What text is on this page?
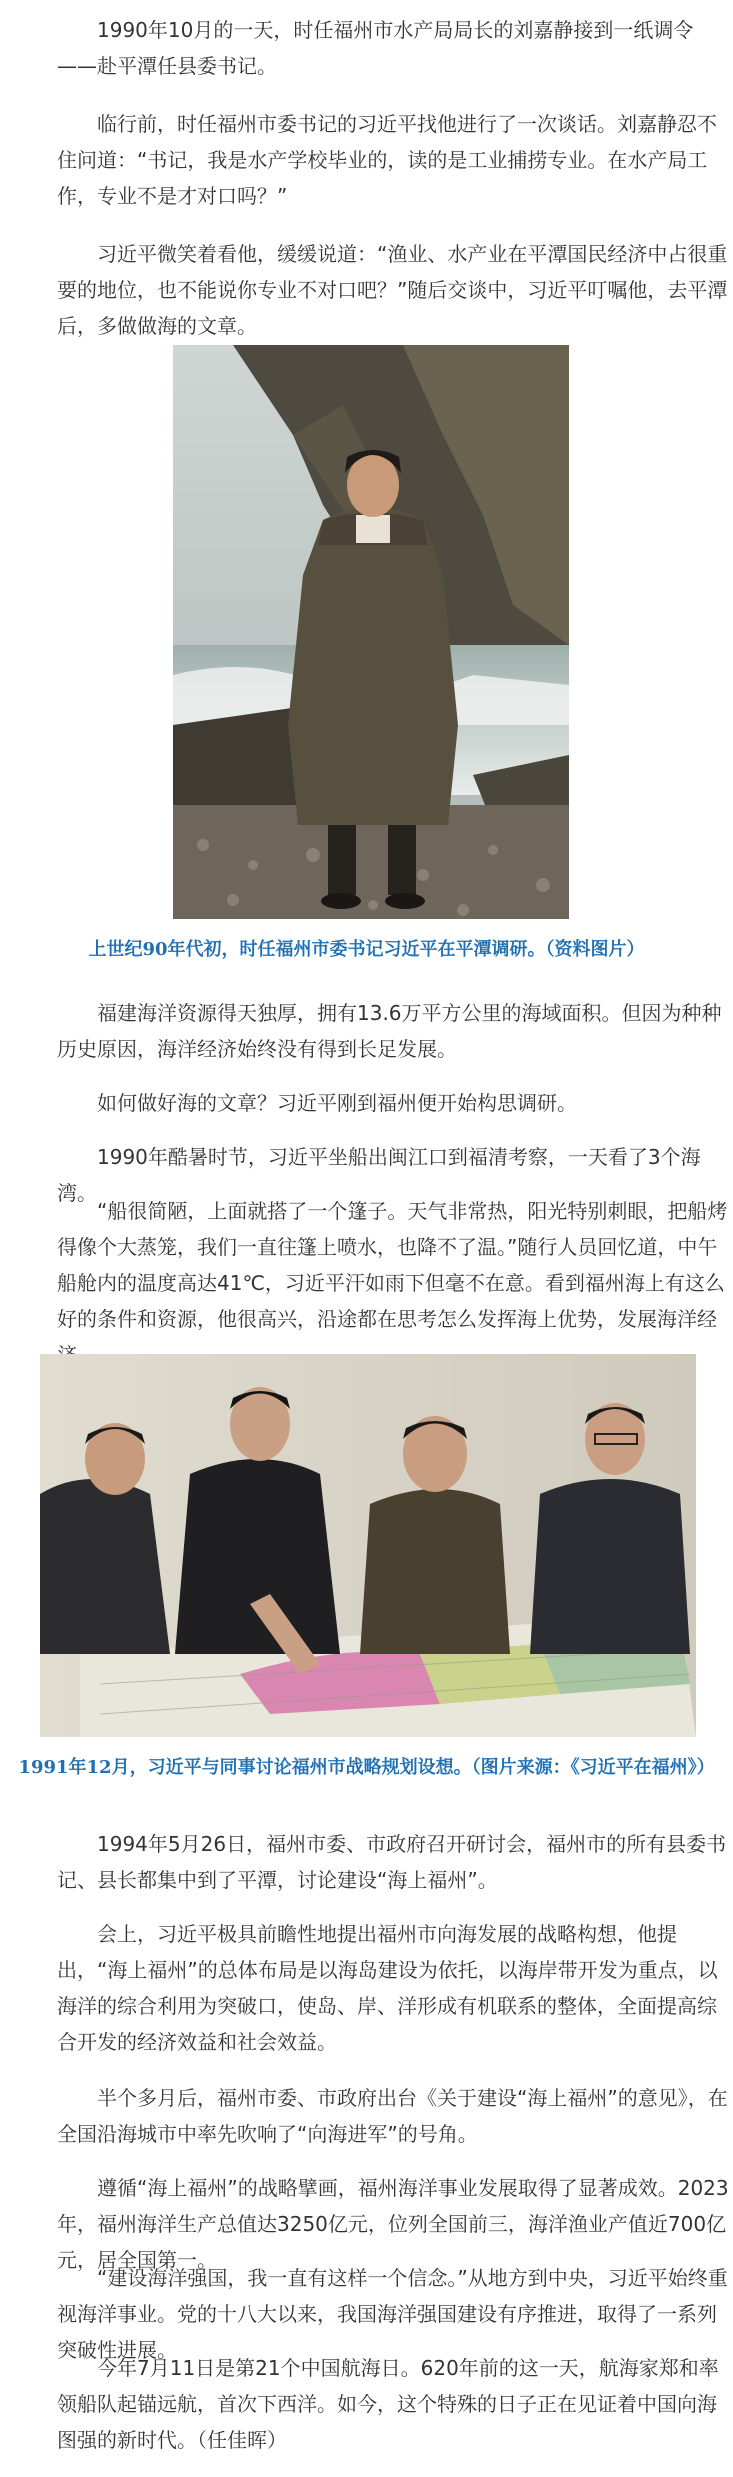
1990年10月的一天，时任福州市水产局局长的刘嘉静接到一纸调令——赴平潭任县委书记。

临行前，时任福州市委书记的习近平找他进行了一次谈话。刘嘉静忍不住问道：“书记，我是水产学校毕业的，读的是工业捕捞专业。在水产局工作，专业不是才对口吗？”

习近平微笑着看他，缓缓说道：“渔业、水产业在平潭国民经济中占很重要的地位，也不能说你专业不对口吧？”随后交谈中，习近平叮嘱他，去平潭后，多做做海的文章。

上世纪90年代初，时任福州市委书记习近平在平潭调研。（资料图片）

福建海洋资源得天独厚，拥有13.6万平方公里的海域面积。但因为种种历史原因，海洋经济始终没有得到长足发展。

如何做好海的文章？习近平刚到福州便开始构思调研。

1990年酷暑时节，习近平坐船出闽江口到福清考察，一天看了3个海湾。

“船很简陋，上面就搭了一个篷子。天气非常热，阳光特别刺眼，把船烤得像个大蒸笼，我们一直往篷上喷水，也降不了温。”随行人员回忆道，中午船舱内的温度高达41℃，习近平汗如雨下但毫不在意。看到福州海上有这么好的条件和资源，他很高兴，沿途都在思考怎么发挥海上优势，发展海洋经

1991年12月，习近平与同事讨论福州市战略规划设想。（图片来源：《习近平在福州》）

1994年5月26日，福州市委、市政府召开研讨会，福州市的所有县委书记、县长都集中到了平潭，讨论建设“海上福州”。

会上，习近平极具前瞻性地提出福州市向海发展的战略构想，他提出，“海上福州”的总体布局是以海岛建设为依托，以海岸带开发为重点，以海洋的综合利用为突破口，使岛、岸、洋形成有机联系的整体，全面提高综合开发的经济效益和社会效益。

半个多月后，福州市委、市政府出台《关于建设“海上福州”的意见》，在全国沿海城市中率先吹响了“向海进军”的号角。

遵循“海上福州”的战略擘画，福州海洋事业发展取得了显著成效。2023年，福州海洋生产总值达3250亿元，位列全国前三，海洋渔业产值近700亿元，居全国第一。

“建设海洋强国，我一直有这样一个信念。”从地方到中央，习近平始终重视海洋事业。党的十八大以来，我国海洋强国建设有序推进，取得了一系列突破性进展。

今年7月11日是第21个中国航海日。620年前的这一天，航海家郑和率领船队起锚远航，首次下西洋。如今，这个特殊的日子正在见证着中国向海图强的新时代。（任佳晖）
